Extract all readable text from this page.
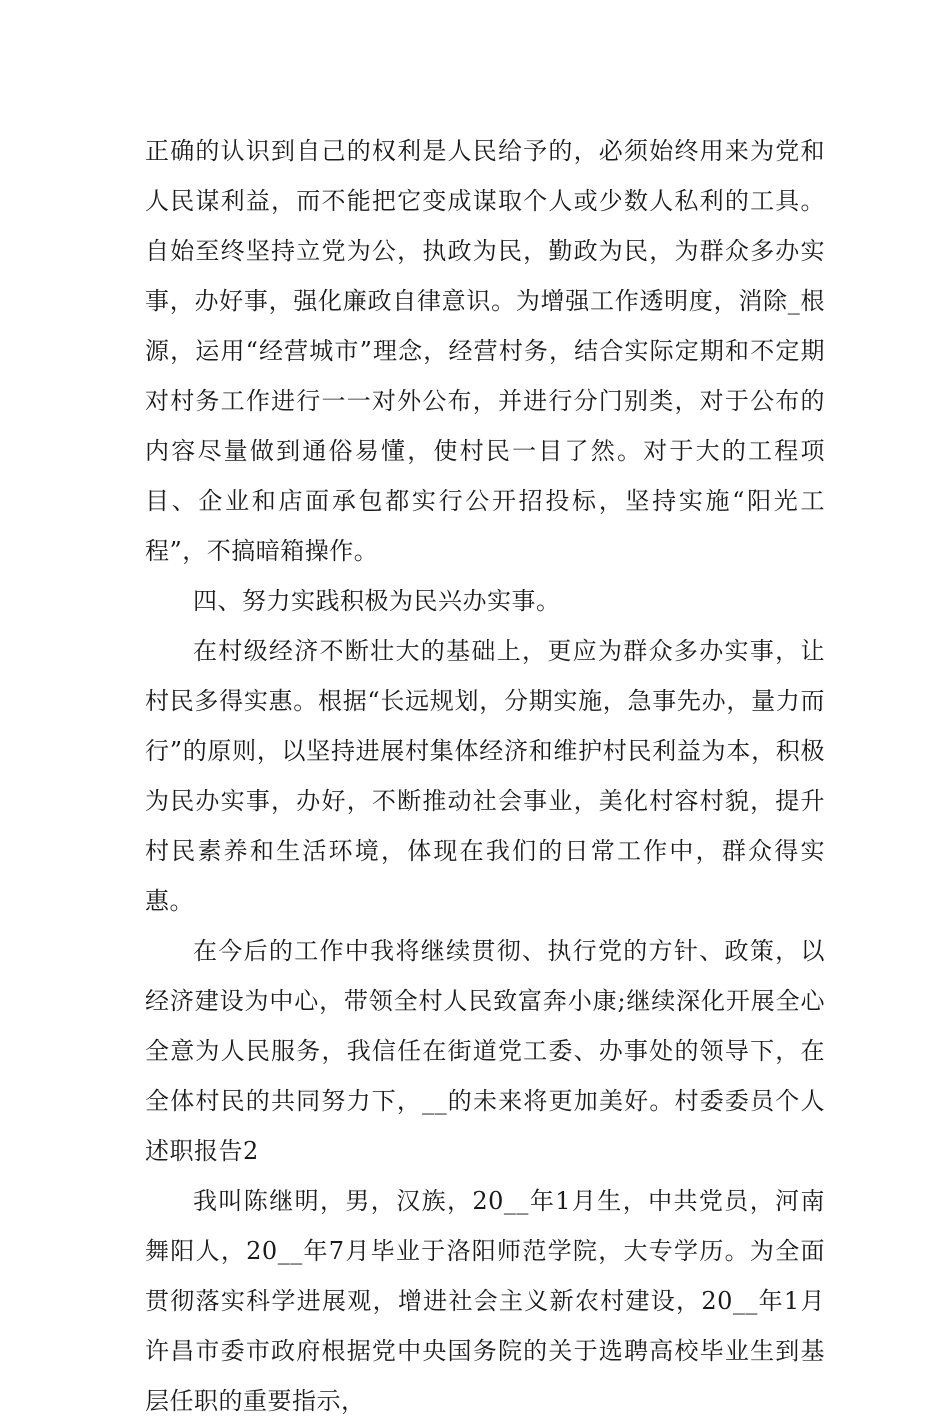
正确的认识到自己的权利是人民给予的，必须始终用来为党和人民谋利益，而不能把它变成谋取个人或少数人私利的工具。自始至终坚持立党为公，执政为民，勤政为民，为群众多办实事，办好事，强化廉政自律意识。为增强工作透明度，消除_根源，运用“经营城市”理念，经营村务，结合实际定期和不定期对村务工作进行一一对外公布，并进行分门别类，对于公布的内容尽量做到通俗易懂，使村民一目了然。对于大的工程项目、企业和店面承包都实行公开招投标，坚持实施“阳光工程”，不搞暗箱操作。

四、努力实践积极为民兴办实事。

在村级经济不断壮大的基础上，更应为群众多办实事，让村民多得实惠。根据“长远规划，分期实施，急事先办，量力而行”的原则，以坚持进展村集体经济和维护村民利益为本，积极为民办实事，办好，不断推动社会事业，美化村容村貌，提升村民素养和生活环境，体现在我们的日常工作中，群众得实惠。

在今后的工作中我将继续贯彻、执行党的方针、政策，以经济建设为中心，带领全村人民致富奔小康;继续深化开展全心全意为人民服务，我信任在街道党工委、办事处的领导下，在全体村民的共同努力下，__的未来将更加美好。村委委员个人述职报告2

我叫陈继明，男，汉族，20__年1月生，中共党员，河南舞阳人，20__年7月毕业于洛阳师范学院，大专学历。为全面贯彻落实科学进展观，增进社会主义新农村建设，20__年1月许昌市委市政府根据党中央国务院的关于选聘高校毕业生到基层任职的重要指示，
